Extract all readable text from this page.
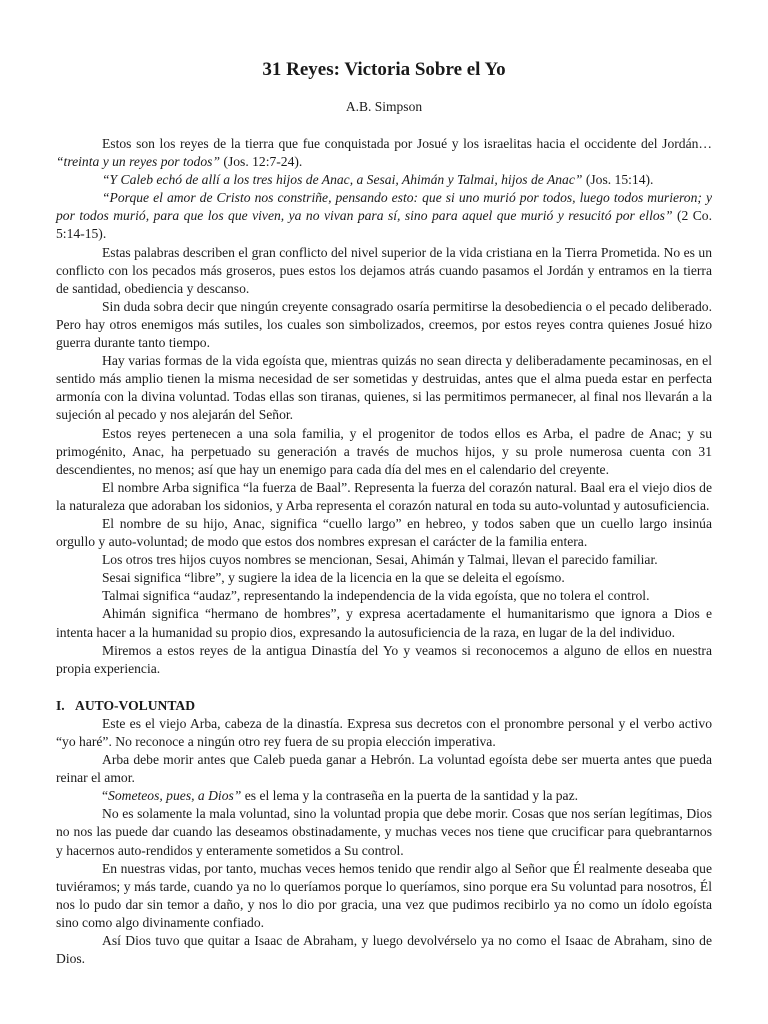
31 Reyes: Victoria Sobre el Yo
A.B. Simpson

Estos son los reyes de la tierra que fue conquistada por Josué y los israelitas hacia el occidente del Jordán… “treinta y un reyes por todos” (Jos. 12:7-24).

“Y Caleb echó de allí a los tres hijos de Anac, a Sesai, Ahimán y Talmai, hijos de Anac” (Jos. 15:14).

“Porque el amor de Cristo nos constriñe, pensando esto: que si uno murió por todos, luego todos murieron; y por todos murió, para que los que viven, ya no vivan para sí, sino para aquel que murió y resucitó por ellos” (2 Co. 5:14-15).

Estas palabras describen el gran conflicto del nivel superior de la vida cristiana en la Tierra Prometida. No es un conflicto con los pecados más groseros, pues estos los dejamos atrás cuando pasamos el Jordán y entramos en la tierra de santidad, obediencia y descanso.

Sin duda sobra decir que ningún creyente consagrado osaría permitirse la desobediencia o el pecado deliberado. Pero hay otros enemigos más sutiles, los cuales son simbolizados, creemos, por estos reyes contra quienes Josué hizo guerra durante tanto tiempo.

Hay varias formas de la vida egoísta que, mientras quizás no sean directa y deliberadamente pecaminosas, en el sentido más amplio tienen la misma necesidad de ser sometidas y destruidas, antes que el alma pueda estar en perfecta armonía con la divina voluntad. Todas ellas son tiranas, quienes, si las permitimos permanecer, al final nos llevarán a la sujeción al pecado y nos alejarán del Señor.

Estos reyes pertenecen a una sola familia, y el progenitor de todos ellos es Arba, el padre de Anac; y su primogénito, Anac, ha perpetuado su generación a través de muchos hijos, y su prole numerosa cuenta con 31 descendientes, no menos; así que hay un enemigo para cada día del mes en el calendario del creyente.

El nombre Arba significa “la fuerza de Baal”. Representa la fuerza del corazón natural. Baal era el viejo dios de la naturaleza que adoraban los sidonios, y Arba representa el corazón natural en toda su auto-voluntad y autosuficiencia.

El nombre de su hijo, Anac, significa “cuello largo” en hebreo, y todos saben que un cuello largo insinúa orgullo y auto-voluntad; de modo que estos dos nombres expresan el carácter de la familia entera.

Los otros tres hijos cuyos nombres se mencionan, Sesai, Ahimán y Talmai, llevan el parecido familiar.

Sesai significa “libre”, y sugiere la idea de la licencia en la que se deleita el egoísmo.

Talmai significa “audaz”, representando la independencia de la vida egoísta, que no tolera el control.

Ahimán significa “hermano de hombres”, y expresa acertadamente el humanitarismo que ignora a Dios e intenta hacer a la humanidad su propio dios, expresando la autosuficiencia de la raza, en lugar de la del individuo.

Miremos a estos reyes de la antigua Dinastía del Yo y veamos si reconocemos a alguno de ellos en nuestra propia experiencia.

I. AUTO-VOLUNTAD

Este es el viejo Arba, cabeza de la dinastía. Expresa sus decretos con el pronombre personal y el verbo activo “yo haré”. No reconoce a ningún otro rey fuera de su propia elección imperativa.

Arba debe morir antes que Caleb pueda ganar a Hebrón. La voluntad egoísta debe ser muerta antes que pueda reinar el amor.

“Someteos, pues, a Dios” es el lema y la contraseña en la puerta de la santidad y la paz.

No es solamente la mala voluntad, sino la voluntad propia que debe morir. Cosas que nos serían legítimas, Dios no nos las puede dar cuando las deseamos obstinadamente, y muchas veces nos tiene que crucificar para quebrantarnos y hacernos auto-rendidos y enteramente sometidos a Su control.

En nuestras vidas, por tanto, muchas veces hemos tenido que rendir algo al Señor que Él realmente deseaba que tuviéramos; y más tarde, cuando ya no lo queríamos porque lo queríamos, sino porque era Su voluntad para nosotros, Él nos lo pudo dar sin temor a daño, y nos lo dio por gracia, una vez que pudimos recibirlo ya no como un ídolo egoísta sino como algo divinamente confiado.

Así Dios tuvo que quitar a Isaac de Abraham, y luego devolvérselo ya no como el Isaac de Abraham, sino de Dios.
